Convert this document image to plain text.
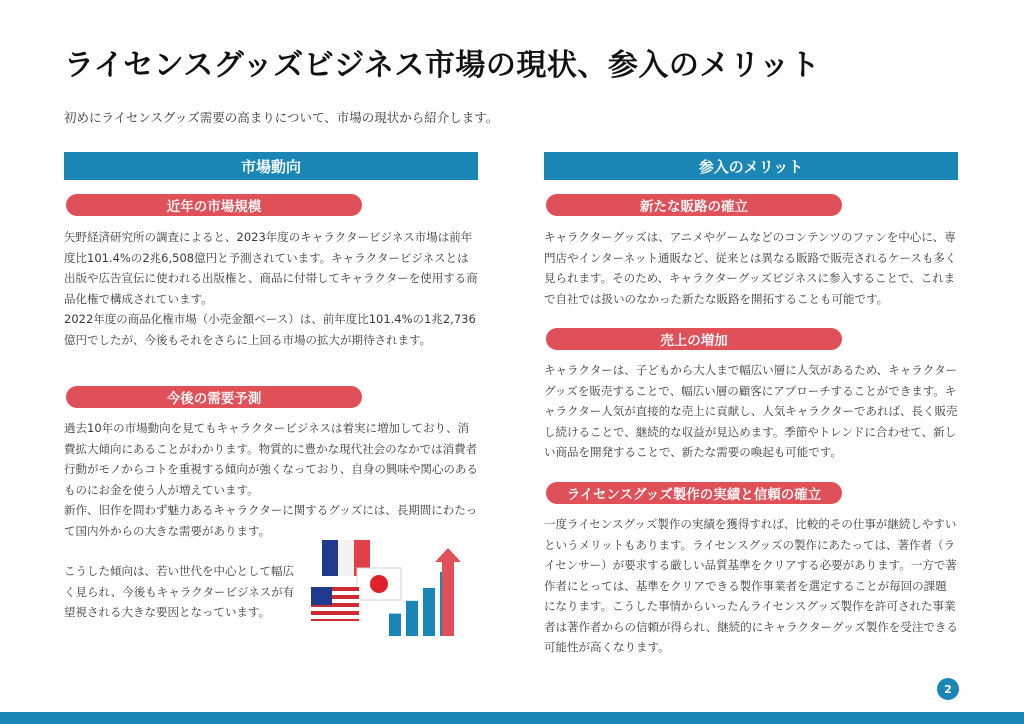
ライセンスグッズビジネス市場の現状、参入のメリット
初めにライセンスグッズ需要の高まりについて、市場の現状から紹介します。
市場動向
近年の市場規模

矢野経済研究所の調査によると、2023年度のキャラクタービジネス市場は前年度比101.4%の2兆6,508億円と予測されています。キャラクタービジネスとは出版や広告宣伝に使われる出版権と、商品に付帯してキャラクターを使用する商品化権で構成されています。

2022年度の商品化権市場（小売金額ベース）は、前年度比101.4%の1兆2,736億円でしたが、今後もそれをさらに上回る市場の拡大が期待されます。

今後の需要予測

過去10年の市場動向を見てもキャラクタービジネスは着実に増加しており、消費拡大傾向にあることがわかります。物質的に豊かな現代社会のなかでは消費者行動がモノからコトを重視する傾向が強くなっており、自身の興味や関心のあるものにお金を使う人が増えています。

新作、旧作を問わず魅力あるキャラクターに関するグッズには、長期間にわたって国内外からの大きな需要があります。

こうした傾向は、若い世代を中心として幅広く見られ、今後もキャラクタービジネスが有望視される大きな要因となっています。
参入のメリット
新たな販路の確立

キャラクターグッズは、アニメやゲームなどのコンテンツのファンを中心に、専門店やインターネット通販など、従来とは異なる販路で販売されるケースも多く見られます。そのため、キャラクターグッズビジネスに参入することで、これまで自社では扱いのなかった新たな販路を開拓することも可能です。

売上の増加

キャラクターは、子どもから大人まで幅広い層に人気があるため、キャラクターグッズを販売することで、幅広い層の顧客にアプローチすることができます。キャラクター人気が直接的な売上に貢献し、人気キャラクターであれば、長く販売し続けることで、継続的な収益が見込めます。季節やトレンドに合わせて、新しい商品を開発することで、新たな需要の喚起も可能です。

ライセンスグッズ製作の実績と信頼の確立

一度ライセンスグッズ製作の実績を獲得すれば、比較的その仕事が継続しやすいというメリットもあります。ライセンスグッズの製作にあたっては、著作者（ライセンサー）が要求する厳しい品質基準をクリアする必要があります。一方で著作者にとっては、基準をクリアできる製作事業者を選定することが毎回の課題になります。こうした事情からいったんライセンスグッズ製作を許可された事業者は著作者からの信頼が得られ、継続的にキャラクターグッズ製作を受注できる可能性が高くなります。

2
